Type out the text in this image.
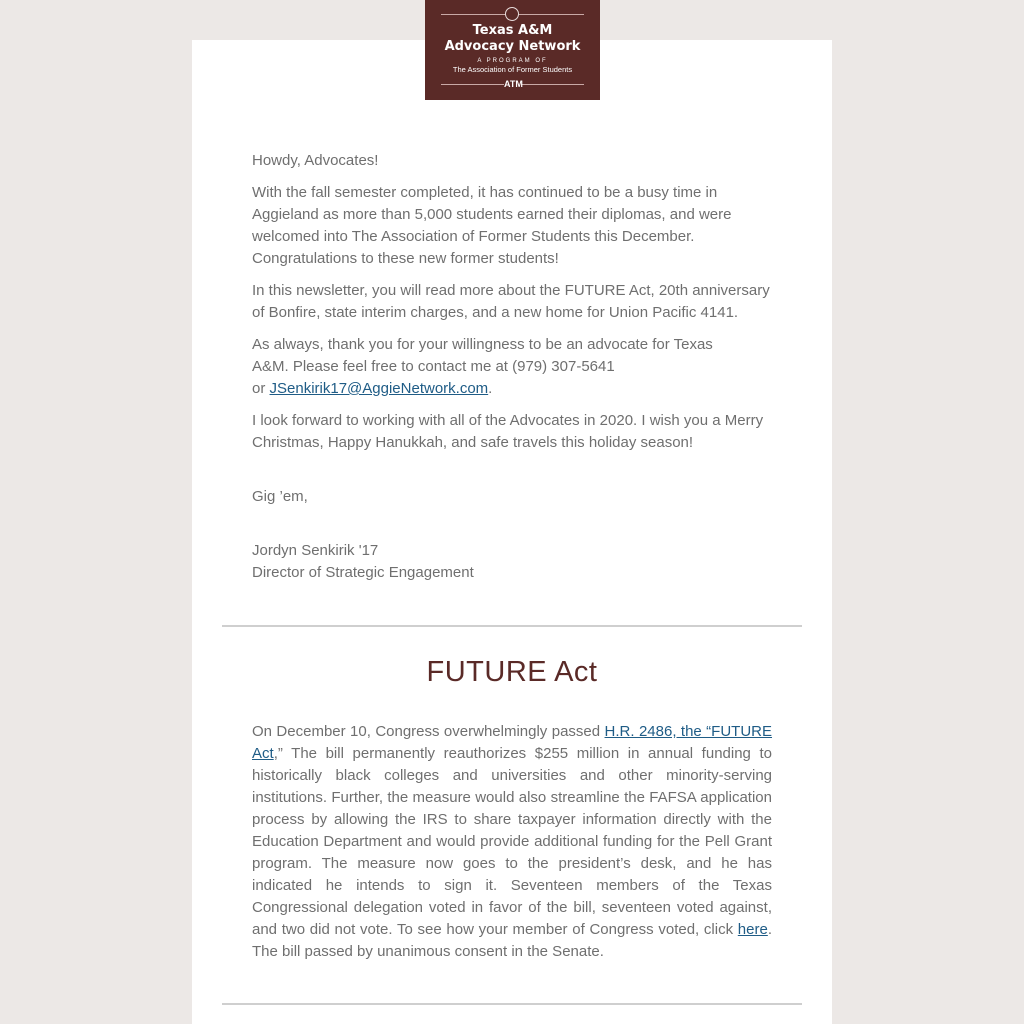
Texas A&M
Advocacy Network
A PROGRAM OF
The Association of Former Students
ATM
Howdy, Advocates!

With the fall semester completed, it has continued to be a busy time in Aggieland as more than 5,000 students earned their diplomas, and were welcomed into The Association of Former Students this December. Congratulations to these new former students!

In this newsletter, you will read more about the FUTURE Act, 20th anniversary of Bonfire, state interim charges, and a new home for Union Pacific 4141.

As always, thank you for your willingness to be an advocate for Texas

A&M. Please feel free to contact me at (979) 307-5641

or JSenkirik17@AggieNetwork.com.

I look forward to working with all of the Advocates in 2020. I wish you a Merry Christmas, Happy Hanukkah, and safe travels this holiday season!

Gig ’em,

Jordyn Senkirik '17

Director of Strategic Engagement

FUTURE Act

On December 10, Congress overwhelmingly passed H.R. 2486, the “FUTURE Act,” The bill permanently reauthorizes $255 million in annual funding to historically black colleges and universities and other minority-serving institutions. Further, the measure would also streamline the FAFSA application process by allowing the IRS to share taxpayer information directly with the Education Department and would provide additional funding for the Pell Grant program. The measure now goes to the president’s desk, and he has indicated he intends to sign it. Seventeen members of the Texas Congressional delegation voted in favor of the bill, seventeen voted against, and two did not vote. To see how your member of Congress voted, click here. The bill passed by unanimous consent in the Senate.
